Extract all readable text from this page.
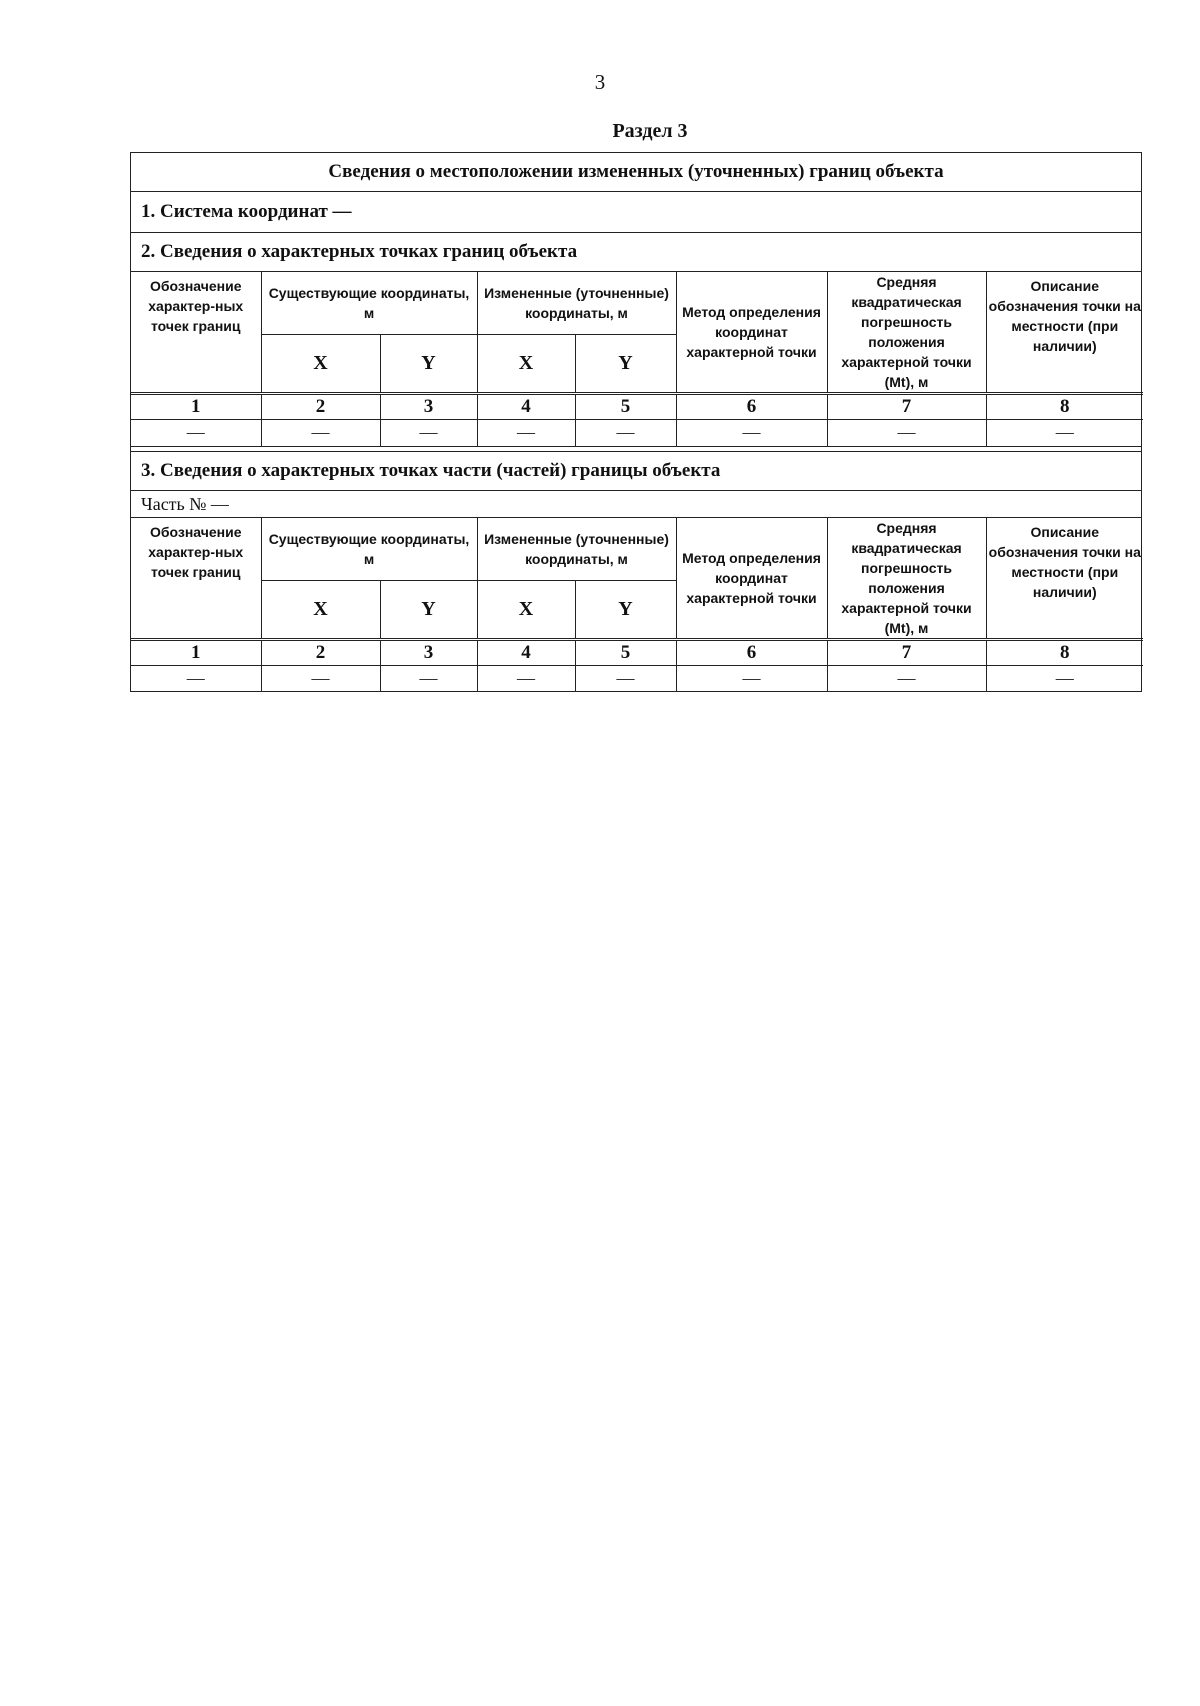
3
Раздел 3
Сведения о местоположении измененных (уточненных) границ объекта
1. Система координат —
2. Сведения о характерных точках границ объекта
Обозначение характер-ных точек границ	Существующие координаты, м		Измененные (уточненные) координаты, м		Метод определения координат характерной точки	Средняя квадратическая погрешность положения характерной точки (Mt), м	Описание обозначения точки на местности (при наличии)
	X	Y	X	Y			
1	2	3	4	5	6	7	8
—	—	—	—	—	—	—	—
3. Сведения о характерных точках части (частей) границы объекта
Часть № —
Обозначение характер-ных точек границ	Существующие координаты, м		Измененные (уточненные) координаты, м		Метод определения координат характерной точки	Средняя квадратическая погрешность положения характерной точки (Mt), м	Описание обозначения точки на местности (при наличии)
	X	Y	X	Y			
1	2	3	4	5	6	7	8
—	—	—	—	—	—	—	—
